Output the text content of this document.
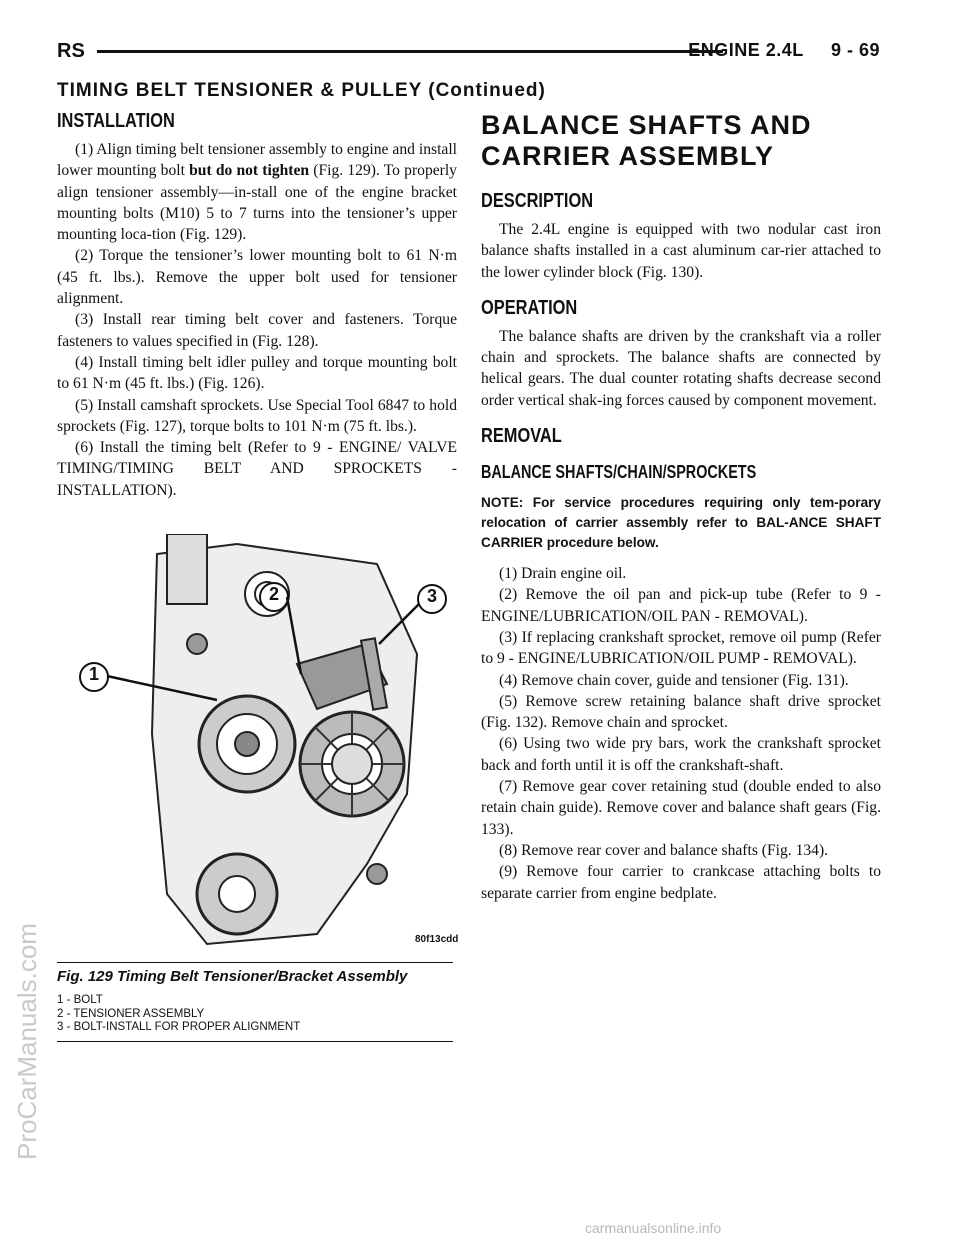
RS	ENGINE 2.4L     9 - 69
TIMING BELT TENSIONER & PULLEY (Continued)
INSTALLATION

(1) Align timing belt tensioner assembly to engine and install lower mounting bolt but do not tighten (Fig. 129). To properly align tensioner assembly—in-stall one of the engine bracket mounting bolts (M10) 5 to 7 turns into the tensioner’s upper mounting loca-tion (Fig. 129).

(2) Torque the tensioner’s lower mounting bolt to 61 N·m (45 ft. lbs.). Remove the upper bolt used for tensioner alignment.

(3) Install rear timing belt cover and fasteners. Torque fasteners to values specified in (Fig. 128).

(4) Install timing belt idler pulley and torque mounting bolt to 61 N·m (45 ft. lbs.) (Fig. 126).

(5) Install camshaft sprockets. Use Special Tool 6847 to hold sprockets (Fig. 127), torque bolts to 101 N·m (75 ft. lbs.).

(6) Install the timing belt (Refer to 9 - ENGINE/ VALVE TIMING/TIMING BELT AND SPROCKETS - INSTALLATION).

1
2	3
80f13cdd
Fig. 129 Timing Belt Tensioner/Bracket Assembly
1 - BOLT
2 - TENSIONER ASSEMBLY
3 - BOLT-INSTALL FOR PROPER ALIGNMENT
BALANCE SHAFTS AND CARRIER ASSEMBLY
DESCRIPTION

The 2.4L engine is equipped with two nodular cast iron balance shafts installed in a cast aluminum car-rier attached to the lower cylinder block (Fig. 130).

OPERATION

The balance shafts are driven by the crankshaft via a roller chain and sprockets. The balance shafts are connected by helical gears. The dual counter rotating shafts decrease second order vertical shak-ing forces caused by component movement.

REMOVAL
BALANCE SHAFTS/CHAIN/SPROCKETS

NOTE: For service procedures requiring only tem-porary relocation of carrier assembly refer to BAL-ANCE SHAFT CARRIER procedure below.

(1) Drain engine oil.

(2) Remove the oil pan and pick-up tube (Refer to 9 - ENGINE/LUBRICATION/OIL PAN - REMOVAL).

(3) If replacing crankshaft sprocket, remove oil pump (Refer to 9 - ENGINE/LUBRICATION/OIL PUMP - REMOVAL).

(4) Remove chain cover, guide and tensioner (Fig. 131).

(5) Remove screw retaining balance shaft drive sprocket (Fig. 132). Remove chain and sprocket.

(6) Using two wide pry bars, work the crankshaft sprocket back and forth until it is off the crankshaft-shaft.

(7) Remove gear cover retaining stud (double ended to also retain chain guide). Remove cover and balance shaft gears (Fig. 133).

(8) Remove rear cover and balance shafts (Fig. 134).

(9) Remove four carrier to crankcase attaching bolts to separate carrier from engine bedplate.

ProCarManuals.com
carmanualsonline.info
